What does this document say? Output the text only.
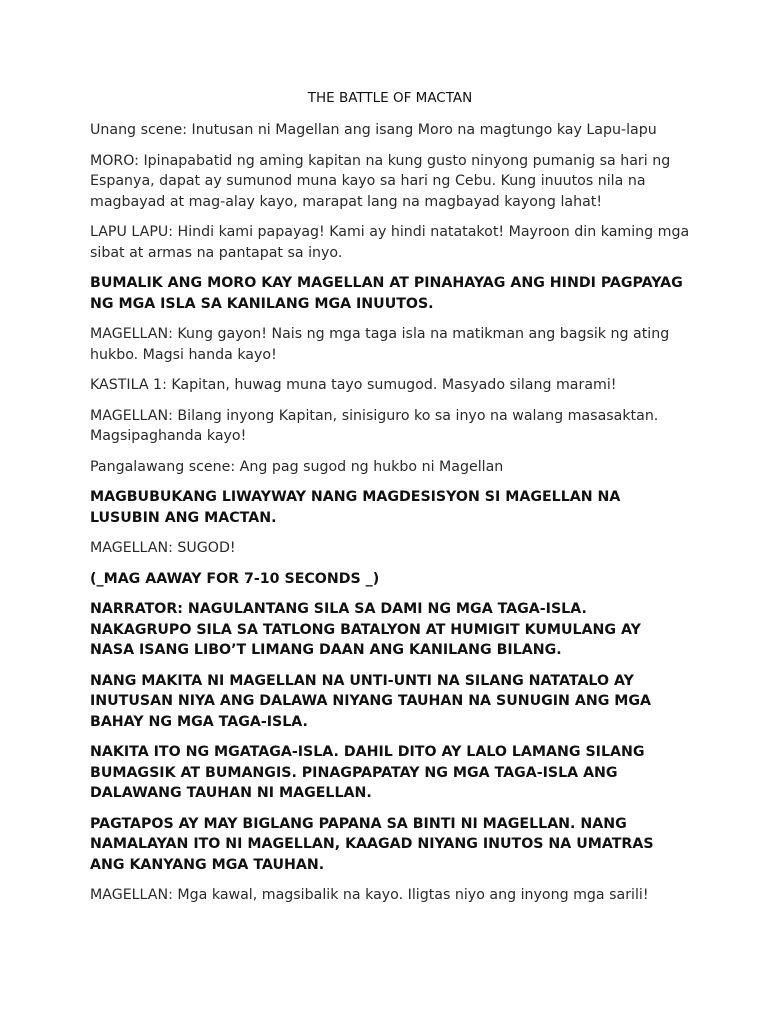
THE BATTLE OF MACTAN
Unang scene: Inutusan ni Magellan ang isang Moro na magtungo kay Lapu-lapu
MORO: Ipinapabatid ng aming kapitan na kung gusto ninyong pumanig sa hari ng
Espanya, dapat ay sumunod muna kayo sa hari ng Cebu. Kung inuutos nila na
magbayad at mag-alay kayo, marapat lang na magbayad kayong lahat!
LAPU LAPU: Hindi kami papayag! Kami ay hindi natatakot! Mayroon din kaming mga
sibat at armas na pantapat sa inyo.
BUMALIK ANG MORO KAY MAGELLAN AT PINAHAYAG ANG HINDI PAGPAYAG
NG MGA ISLA SA KANILANG MGA INUUTOS.
MAGELLAN: Kung gayon! Nais ng mga taga isla na matikman ang bagsik ng ating
hukbo. Magsi handa kayo!
KASTILA 1: Kapitan, huwag muna tayo sumugod. Masyado silang marami!
MAGELLAN: Bilang inyong Kapitan, sinisiguro ko sa inyo na walang masasaktan.
Magsipaghanda kayo!
Pangalawang scene: Ang pag sugod ng hukbo ni Magellan
MAGBUBUKANG LIWAYWAY NANG MAGDESISYON SI MAGELLAN NA
LUSUBIN ANG MACTAN.
MAGELLAN: SUGOD!
(_MAG AAWAY FOR 7-10 SECONDS _)
NARRATOR: NAGULANTANG SILA SA DAMI NG MGA TAGA-ISLA.
NAKAGRUPO SILA SA TATLONG BATALYON AT HUMIGIT KUMULANG AY
NASA ISANG LIBO’T LIMANG DAAN ANG KANILANG BILANG.
NANG MAKITA NI MAGELLAN NA UNTI-UNTI NA SILANG NATATALO AY
INUTUSAN NIYA ANG DALAWA NIYANG TAUHAN NA SUNUGIN ANG MGA
BAHAY NG MGA TAGA-ISLA.
NAKITA ITO NG MGATAGA-ISLA. DAHIL DITO AY LALO LAMANG SILANG
BUMAGSIK AT BUMANGIS. PINAGPAPATAY NG MGA TAGA-ISLA ANG
DALAWANG TAUHAN NI MAGELLAN.
PAGTAPOS AY MAY BIGLANG PAPANA SA BINTI NI MAGELLAN. NANG
NAMALAYAN ITO NI MAGELLAN, KAAGAD NIYANG INUTOS NA UMATRAS
ANG KANYANG MGA TAUHAN.
MAGELLAN: Mga kawal, magsibalik na kayo. Iligtas niyo ang inyong mga sarili!
